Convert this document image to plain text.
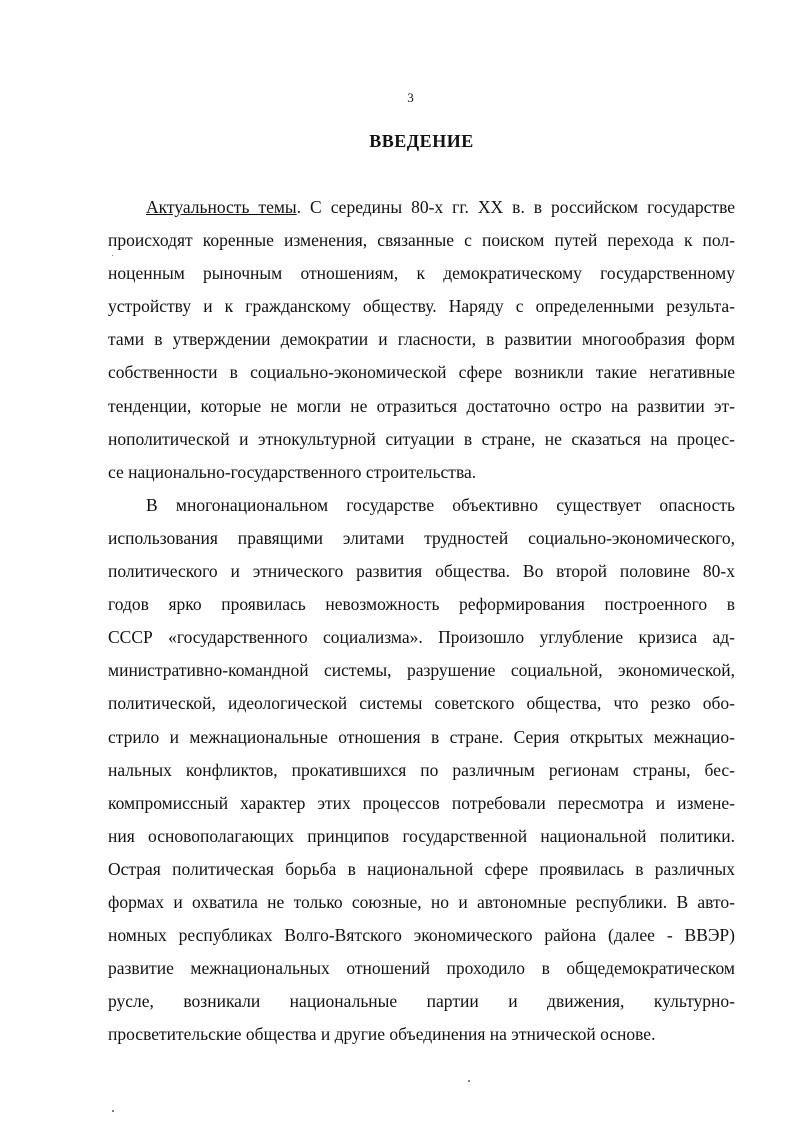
3
ВВЕДЕНИЕ
Актуальность темы. С середины 80-х гг. XX в. в российском государстве
происходят коренные изменения, связанные с поиском путей перехода к пол-
ноценным рыночным отношениям, к демократическому государственному
устройству и к гражданскому обществу. Наряду с определенными результа-
тами в утверждении демократии и гласности, в развитии многообразия форм
собственности в социально-экономической сфере возникли такие негативные
тенденции, которые не могли не отразиться достаточно остро на развитии эт-
нополитической и этнокультурной ситуации в стране, не сказаться на процес-
се национально-государственного строительства.
В многонациональном государстве объективно существует опасность
использования правящими элитами трудностей социально-экономического,
политического и этнического развития общества. Во второй половине 80-х
годов ярко проявилась невозможность реформирования построенного в
СССР «государственного социализма». Произошло углубление кризиса ад-
министративно-командной системы, разрушение социальной, экономической,
политической, идеологической системы советского общества, что резко обо-
стрило и межнациональные отношения в стране. Серия открытых межнацио-
нальных конфликтов, прокатившихся по различным регионам страны, бес-
компромиссный характер этих процессов потребовали пересмотра и измене-
ния основополагающих принципов государственной национальной политики.
Острая политическая борьба в национальной сфере проявилась в различных
формах и охватила не только союзные, но и автономные республики. В авто-
номных республиках Волго-Вятского экономического района (далее - ВВЭР)
развитие межнациональных отношений проходило в общедемократическом
русле, возникали национальные партии и движения, культурно-
просветительские общества и другие объединения на этнической основе.
